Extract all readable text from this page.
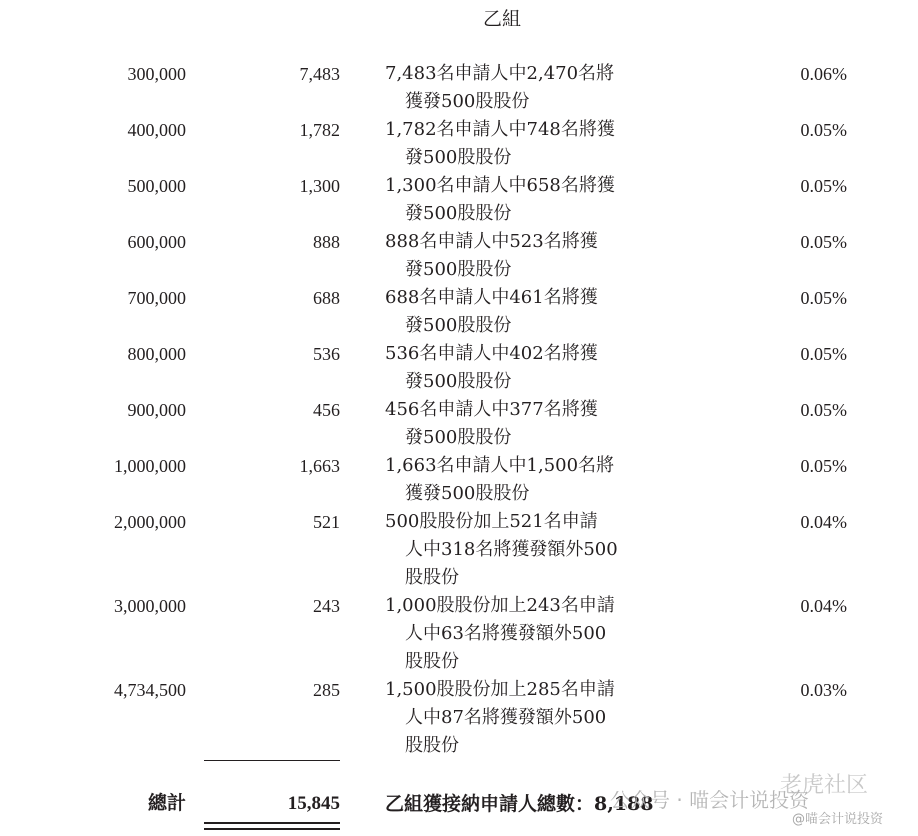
乙組
300,000	7,483	7,483名申請人中2,470名將
獲發500股股份
0.06%
400,000	1,782	1,782名申請人中748名將獲
發500股股份
0.05%
500,000	1,300	1,300名申請人中658名將獲
發500股股份
0.05%
600,000	888	888名申請人中523名將獲
發500股股份
0.05%
700,000	688	688名申請人中461名將獲
發500股股份
0.05%
800,000	536	536名申請人中402名將獲
發500股股份
0.05%
900,000	456	456名申請人中377名將獲
發500股股份
0.05%
1,000,000	1,663	1,663名申請人中1,500名將
獲發500股股份
0.05%
2,000,000	521	500股股份加上521名申請
人中318名將獲發額外500
股股份
0.04%
3,000,000	243	1,000股股份加上243名申請
人中63名將獲發額外500
股股份
0.04%
4,734,500	285	1,500股股份加上285名申請
人中87名將獲發額外500
股股份
0.03%
總計	15,845 乙組獲接納申請人總數：8,188
老虎社区
公众号 · 喵会计说投资
@喵会计说投资
